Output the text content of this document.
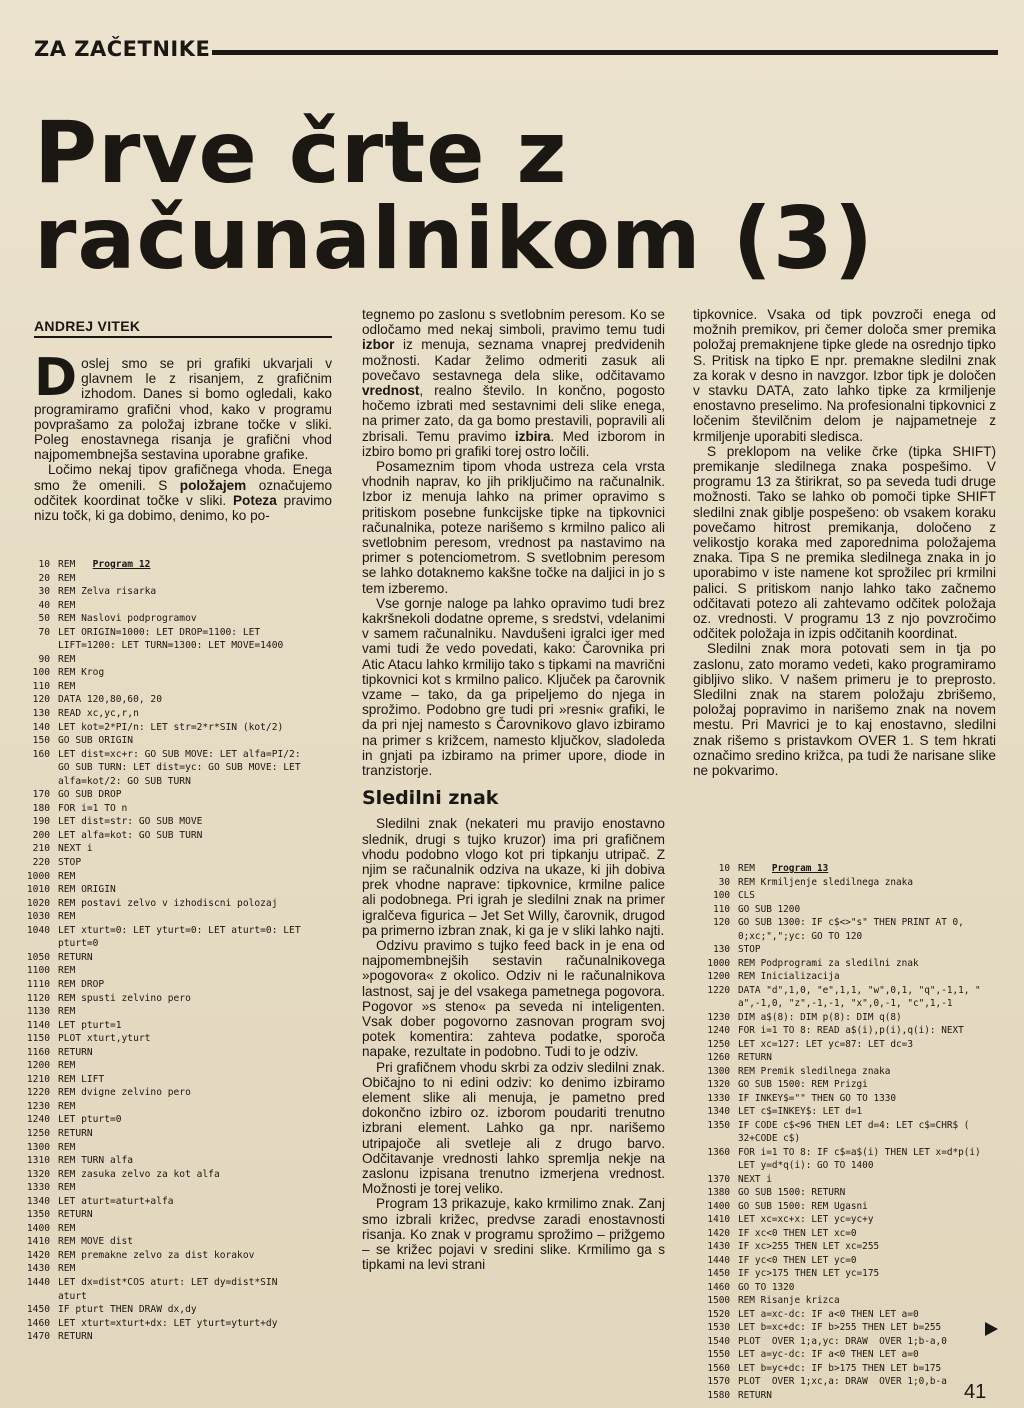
ZA ZAČETNIKE
Prve črte z
računalnikom (3)
ANDREJ VITEK

Doslej smo se pri grafiki ukvarjali v glavnem le z risanjem, z grafičnim izhodom. Danes si bomo ogledali, kako programiramo grafični vhod, kako v programu povprašamo za položaj izbrane točke v sliki. Poleg enostavnega risanja je grafični vhod najpomembnejša sestavina uporabne grafike.

Ločimo nekaj tipov grafičnega vhoda. Enega smo že omenili. S položajem označujemo odčitek koordinat točke v sliki. Poteza pravimo nizu točk, ki ga dobimo, denimo, ko po-

10 REM   Program 12
20 REM
30 REM Zelva risarka
40 REM
50 REM Naslovi podprogramov
70 LET ORIGIN=1000: LET DROP=1100: LET
LIFT=1200: LET TURN=1300: LET MOVE=1400
90 REM
100 REM Krog
110 REM
120 DATA 120,80,60, 20
130 READ xc,yc,r,n
140 LET kot=2*PI/n: LET str=2*r*SIN (kot/2)
150 GO SUB ORIGIN
160 LET dist=xc+r: GO SUB MOVE: LET alfa=PI/2:
GO SUB TURN: LET dist=yc: GO SUB MOVE: LET
alfa=kot/2: GO SUB TURN
170 GO SUB DROP
180 FOR i=1 TO n
190 LET dist=str: GO SUB MOVE
200 LET alfa=kot: GO SUB TURN
210 NEXT i
220 STOP
1000 REM
1010 REM ORIGIN
1020 REM postavi zelvo v izhodiscni polozaj
1030 REM
1040 LET xturt=0: LET yturt=0: LET aturt=0: LET
pturt=0
1050 RETURN
1100 REM
1110 REM DROP
1120 REM spusti zelvino pero
1130 REM
1140 LET pturt=1
1150 PLOT xturt,yturt
1160 RETURN
1200 REM
1210 REM LIFT
1220 REM dvigne zelvino pero
1230 REM
1240 LET pturt=0
1250 RETURN
1300 REM
1310 REM TURN alfa
1320 REM zasuka zelvo za kot alfa
1330 REM
1340 LET aturt=aturt+alfa
1350 RETURN
1400 REM
1410 REM MOVE dist
1420 REM premakne zelvo za dist korakov
1430 REM
1440 LET dx=dist*COS aturt: LET dy=dist*SIN
aturt
1450 IF pturt THEN DRAW dx,dy
1460 LET xturt=xturt+dx: LET yturt=yturt+dy
1470 RETURN

tegnemo po zaslonu s svetlobnim peresom. Ko se odločamo med nekaj simboli, pravimo temu tudi izbor iz menuja, seznama vnaprej predvidenih možnosti. Kadar želimo odmeriti zasuk ali povečavo sestavnega dela slike, odčitavamo vrednost, realno število. In končno, pogosto hočemo izbrati med sestavnimi deli slike enega, na primer zato, da ga bomo prestavili, popravili ali zbrisali. Temu pravimo izbira. Med izborom in izbiro bomo pri grafiki torej ostro ločili.

Posameznim tipom vhoda ustreza cela vrsta vhodnih naprav, ko jih priključimo na računalnik. Izbor iz menuja lahko na primer opravimo s pritiskom posebne funkcijske tipke na tipkovnici računalnika, poteze narišemo s krmilno palico ali svetlobnim peresom, vrednost pa nastavimo na primer s potenciometrom. S svetlobnim peresom se lahko dotaknemo kakšne točke na daljici in jo s tem izberemo.

Vse gornje naloge pa lahko opravimo tudi brez kakršnekoli dodatne opreme, s sredstvi, vdelanimi v samem računalniku. Navdušeni igralci iger med vami tudi že vedo povedati, kako: Čarovnika pri Atic Atacu lahko krmilijo tako s tipkami na mavrični tipkovnici kot s krmilno palico. Ključek pa čarovnik vzame – tako, da ga pripeljemo do njega in sprožimo. Podobno gre tudi pri »resni« grafiki, le da pri njej namesto s Čarovnikovo glavo izbiramo na primer s križcem, namesto ključkov, sladoleda in gnjati pa izbiramo na primer upore, diode in tranzistorje.

Sledilni znak

Sledilni znak (nekateri mu pravijo enostavno slednik, drugi s tujko kruzor) ima pri grafičnem vhodu podobno vlogo kot pri tipkanju utripač. Z njim se računalnik odziva na ukaze, ki jih dobiva prek vhodne naprave: tipkovnice, krmilne palice ali podobnega. Pri igrah je sledilni znak na primer igralčeva figurica – Jet Set Willy, čarovnik, drugod pa primerno izbran znak, ki ga je v sliki lahko najti.

Odzivu pravimo s tujko feed back in je ena od najpomembnejših sestavin računalnikovega »pogovora« z okolico. Odziv ni le računalnikova lastnost, saj je del vsakega pametnega pogovora. Pogovor »s steno« pa seveda ni inteligenten. Vsak dober pogovorno zasnovan program svoj potek komentira: zahteva podatke, sporoča napake, rezultate in podobno. Tudi to je odziv.

Pri grafičnem vhodu skrbi za odziv sledilni znak. Običajno to ni edini odziv: ko denimo izbiramo element slike ali menuja, je pametno pred dokončno izbiro oz. izborom poudariti trenutno izbrani element. Lahko ga npr. narišemo utripajoče ali svetleje ali z drugo barvo. Odčitavanje vrednosti lahko spremlja nekje na zaslonu izpisana trenutno izmerjena vrednost. Možnosti je torej veliko.

Program 13 prikazuje, kako krmilimo znak. Zanj smo izbrali križec, predvse zaradi enostavnosti risanja. Ko znak v programu sprožimo – prižgemo – se križec pojavi v sredini slike. Krmilimo ga s tipkami na levi strani

tipkovnice. Vsaka od tipk povzroči enega od možnih premikov, pri čemer določa smer premika položaj premaknjene tipke glede na osrednjo tipko S. Pritisk na tipko E npr. premakne sledilni znak za korak v desno in navzgor. Izbor tipk je določen v stavku DATA, zato lahko tipke za krmiljenje enostavno preselimo. Na profesionalni tipkovnici z ločenim številčnim delom je najpametneje z krmiljenje uporabiti sledisca.

S preklopom na velike črke (tipka SHIFT) premikanje sledilnega znaka pospešimo. V programu 13 za štirikrat, so pa seveda tudi druge možnosti. Tako se lahko ob pomoči tipke SHIFT sledilni znak giblje pospešeno: ob vsakem koraku povečamo hitrost premikanja, določeno z velikostjo koraka med zaporednima položajema znaka. Tipa S ne premika sledilnega znaka in jo uporabimo v iste namene kot sprožilec pri krmilni palici. S pritiskom nanjo lahko tako začnemo odčitavati potezo ali zahtevamo odčitek položaja oz. vrednosti. V programu 13 z njo povzročimo odčitek položaja in izpis odčitanih koordinat.

Sledilni znak mora potovati sem in tja po zaslonu, zato moramo vedeti, kako programiramo gibljivo sliko. V našem primeru je to preprosto. Sledilni znak na starem položaju zbrišemo, položaj popravimo in narišemo znak na novem mestu. Pri Mavrici je to kaj enostavno, sledilni znak rišemo s pristavkom OVER 1. S tem hkrati označimo sredino križca, pa tudi že narisane slike ne pokvarimo.

10 REM   Program 13
30 REM Krmiljenje sledilnega znaka
100 CLS
110 GO SUB 1200
120 GO SUB 1300: IF c$<>"s" THEN PRINT AT 0,
0;xc;",";yc: GO TO 120
130 STOP
1000 REM Podprogrami za sledilni znak
1200 REM Inicializacija
1220 DATA "d",1,0, "e",1,1, "w",0,1, "q",-1,1, "
a",-1,0, "z",-1,-1, "x",0,-1, "c",1,-1
1230 DIM a$(8): DIM p(8): DIM q(8)
1240 FOR i=1 TO 8: READ a$(i),p(i),q(i): NEXT
1250 LET xc=127: LET yc=87: LET dc=3
1260 RETURN
1300 REM Premik sledilnega znaka
1320 GO SUB 1500: REM Prizgi
1330 IF INKEY$="" THEN GO TO 1330
1340 LET c$=INKEY$: LET d=1
1350 IF CODE c$<96 THEN LET d=4: LET c$=CHR$ (
32+CODE c$)
1360 FOR i=1 TO 8: IF c$=a$(i) THEN LET x=d*p(i)
LET y=d*q(i): GO TO 1400
1370 NEXT i
1380 GO SUB 1500: RETURN
1400 GO SUB 1500: REM Ugasni
1410 LET xc=xc+x: LET yc=yc+y
1420 IF xc<0 THEN LET xc=0
1430 IF xc>255 THEN LET xc=255
1440 IF yc<0 THEN LET yc=0
1450 IF yc>175 THEN LET yc=175
1460 GO TO 1320
1500 REM Risanje krizca
1520 LET a=xc-dc: IF a<0 THEN LET a=0
1530 LET b=xc+dc: IF b>255 THEN LET b=255
1540 PLOT  OVER 1;a,yc: DRAW  OVER 1;b-a,0
1550 LET a=yc-dc: IF a<0 THEN LET a=0
1560 LET b=yc+dc: IF b>175 THEN LET b=175
1570 PLOT  OVER 1;xc,a: DRAW  OVER 1;0,b-a
1580 RETURN	41
